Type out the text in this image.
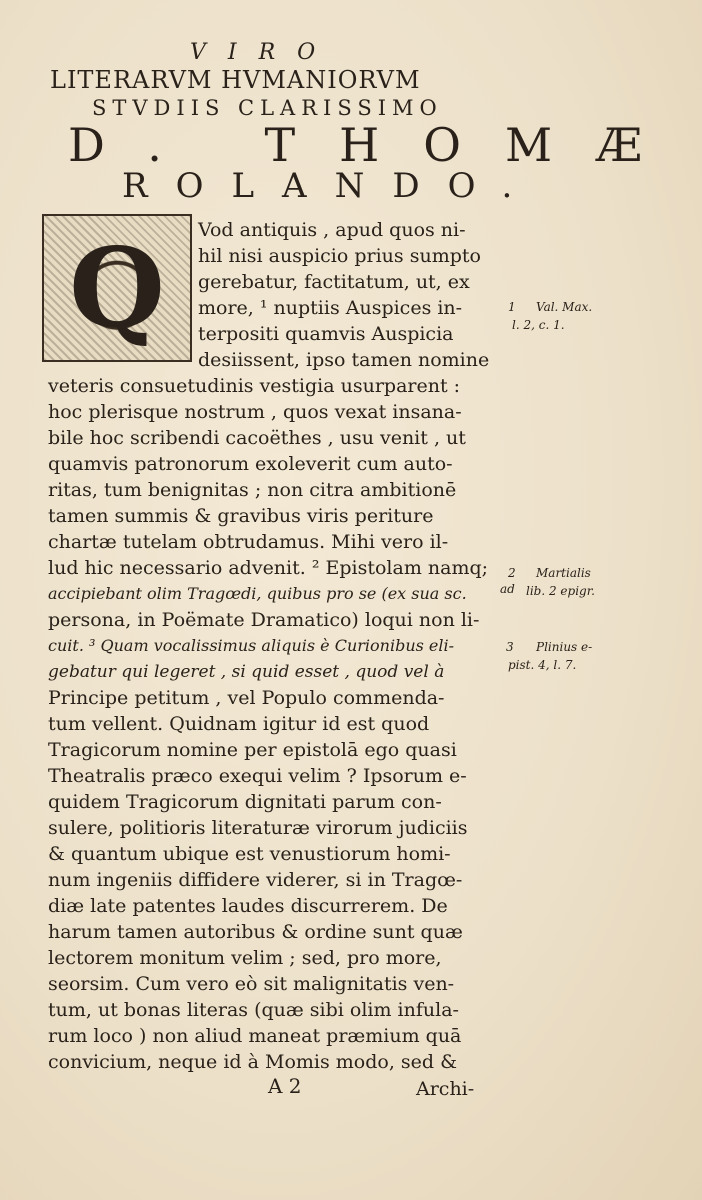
VIRO
LITERARVM HVMANIORVM
STVDIIS CLARISSIMO
D. THOMÆ
ROLANDO.
Q	Vod antiquis , apud quos ni-
hil nisi auspicio prius sumpto
gerebatur, factitatum, ut, ex
more, ¹ nuptiis Auspices in-
terpositi quamvis Auspicia
desiissent, ipso tamen nomine
veteris consuetudinis vestigia usurparent :
hoc plerisque nostrum , quos vexat insana-
bile hoc scribendi cacoëthes , usu venit , ut
quamvis patronorum exoleverit cum auto-
ritas, tum benignitas ; non citra ambitionē
tamen summis & gravibus viris periture
chartæ tutelam obtrudamus. Mihi vero il-
lud hic necessario advenit. ² Epistolam namq;
accipiebant olim Tragœdi, quibus pro se (ex sua sc.
persona, in Poëmate Dramatico) loqui non li-
cuit. ³ Quam vocalissimus aliquis è Curionibus eli-
gebatur qui legeret , si quid esset , quod vel à
Principe petitum , vel Populo commenda-
tum vellent. Quidnam igitur id est quod
Tragicorum nomine per epistolā ego quasi
Theatralis præco exequi velim ? Ipsorum e-
quidem Tragicorum dignitati parum con-
sulere, politioris literaturæ virorum judiciis
& quantum ubique est venustiorum homi-
num ingeniis diffidere viderer, si in Tragœ-
diæ late patentes laudes discurrerem. De
harum tamen autoribus & ordine sunt quæ
lectorem monitum velim ; sed, pro more,
seorsim. Cum vero eò sit malignitatis ven-
tum, ut bonas literas (quæ sibi olim infula-
rum loco ) non aliud maneat præmium quā
convicium, neque id à Momis modo, sed &
1 Val. Max.
l. 2, c. 1.
2
ad
Martialis
lib. 2 epigr.
3 Plinius e-
pist. 4, l. 7.
A 2	Archi-
